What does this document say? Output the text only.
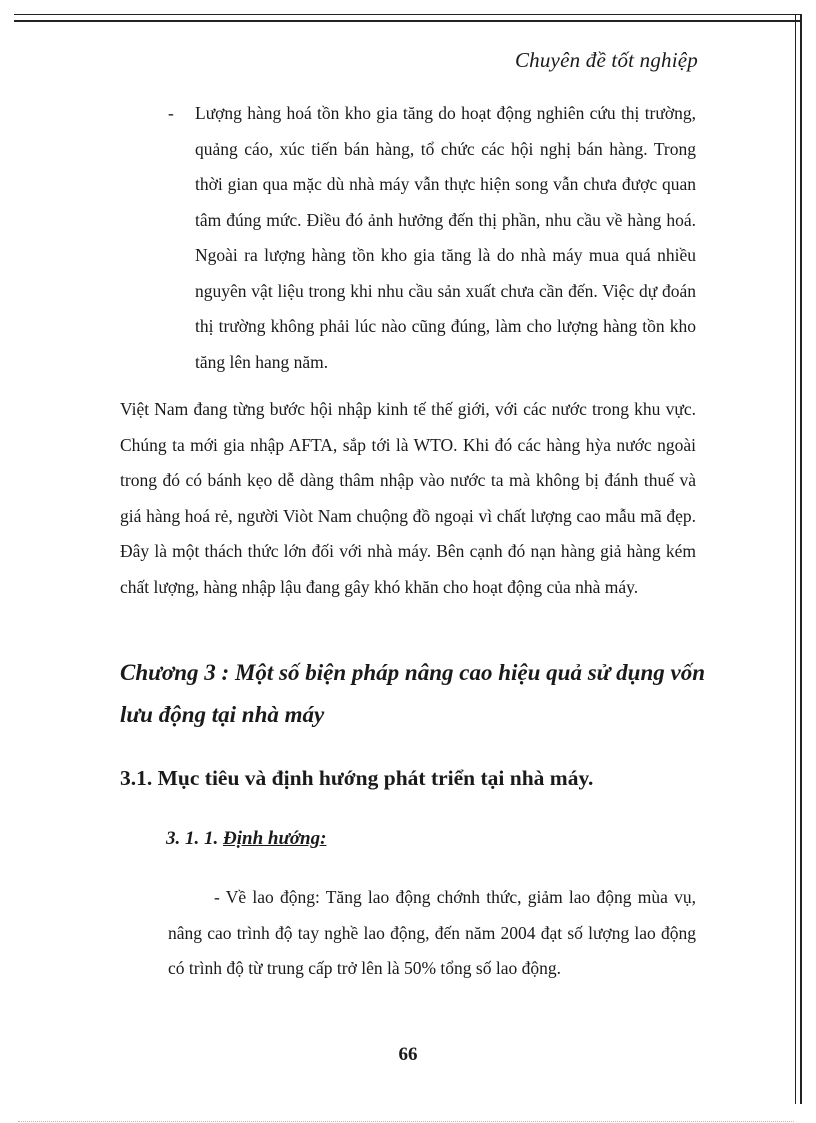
Chuyên đề tốt nghiệp
- Lượng hàng hoá tồn kho gia tăng do hoạt động nghiên cứu thị trường, quảng cáo, xúc tiến bán hàng, tổ chức các hội nghị bán hàng. Trong thời gian qua mặc dù nhà máy vẫn thực hiện song vẫn chưa được quan tâm đúng mức. Điều đó ảnh hưởng đến thị phần, nhu cầu về hàng hoá. Ngoài ra lượng hàng tồn kho gia tăng là do nhà máy mua quá nhiều nguyên vật liệu trong khi nhu cầu sản xuất chưa cần đến. Việc dự đoán thị trường không phải lúc nào cũng đúng, làm cho lượng hàng tồn kho tăng lên hang năm.
Việt Nam đang từng bước hội nhập kinh tế thế giới, với các nước trong khu vực. Chúng ta mới gia nhập AFTA, sắp tới là WTO. Khi đó các hàng hỳa nước ngoài trong đó có bánh kẹo dễ dàng thâm nhập vào nước ta mà không bị đánh thuế và giá hàng hoá rẻ, người Viòt Nam chuộng đồ ngoại vì chất lượng cao mẫu mã đẹp. Đây là một thách thức lớn đối với nhà máy. Bên cạnh đó nạn hàng giả hàng kém chất lượng, hàng nhập lậu đang gây khó khăn cho hoạt động của nhà máy.
Chương 3 : Một số biện pháp nâng cao hiệu quả sử dụng vốn lưu động tại nhà máy
3.1. Mục tiêu và định hướng phát triển tại nhà máy.
3. 1. 1. Định hướng:
- Về lao động: Tăng lao động chớnh thức, giảm lao động mùa vụ, nâng cao trình độ tay nghề lao động, đến năm 2004 đạt số lượng lao động có trình độ từ trung cấp trở lên là 50% tổng số lao động.
66
